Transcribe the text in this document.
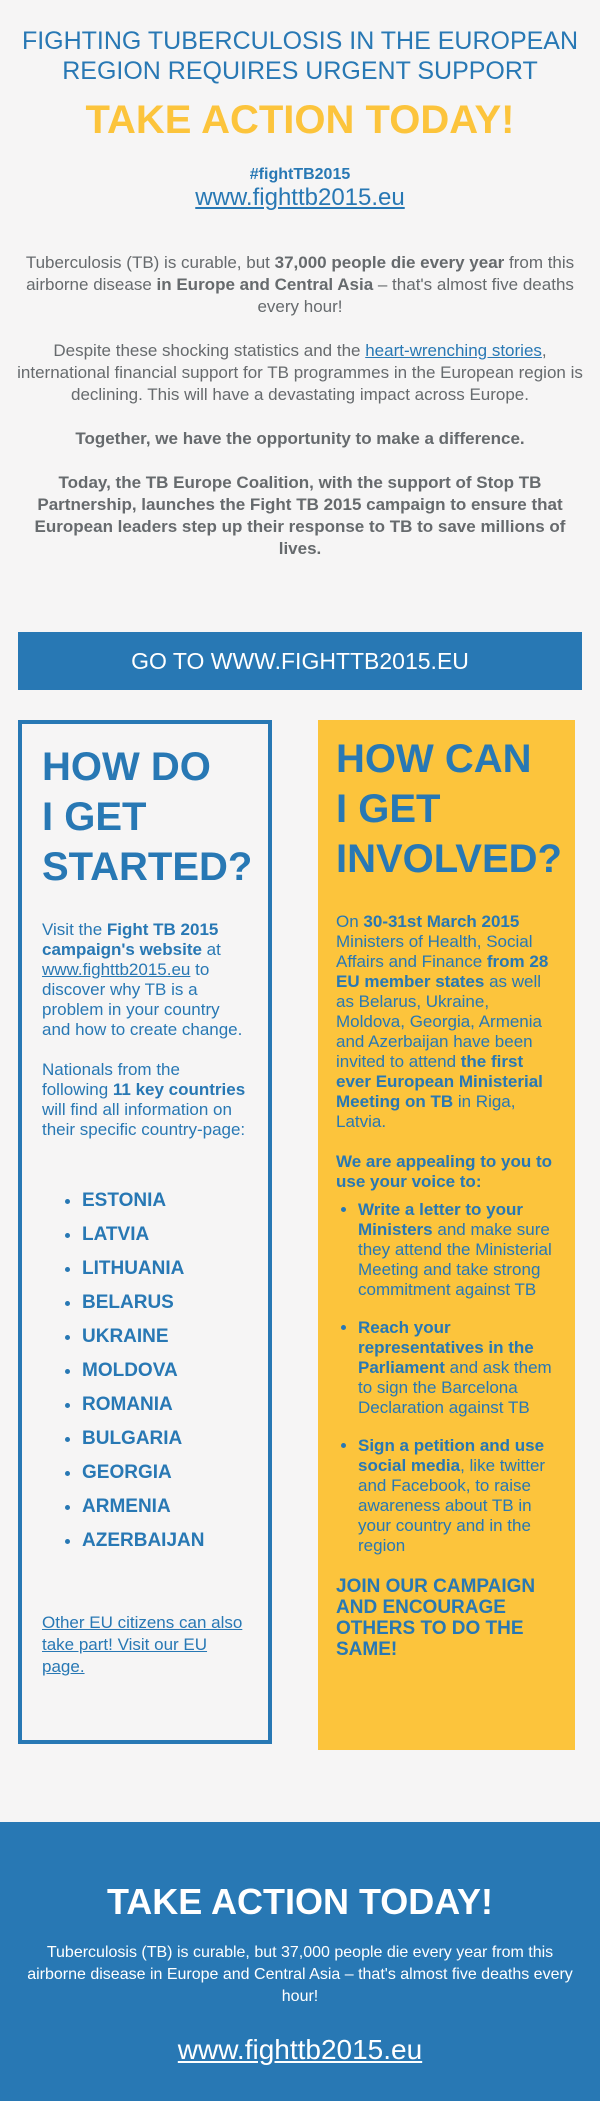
FIGHTING TUBERCULOSIS IN THE EUROPEAN
REGION REQUIRES URGENT SUPPORT
TAKE ACTION TODAY!
#fightTB2015
www.fighttb2015.eu

Tuberculosis (TB) is curable, but 37,000 people die every year from this airborne disease in Europe and Central Asia – that's almost five deaths every hour!

Despite these shocking statistics and the heart-wrenching stories, international financial support for TB programmes in the European region is declining. This will have a devastating impact across Europe.

Together, we have the opportunity to make a difference.

Today, the TB Europe Coalition, with the support of Stop TB Partnership, launches the Fight TB 2015 campaign to ensure that European leaders step up their response to TB to save millions of lives.

GO TO WWW.FIGHTTB2015.EU
HOW DO
I GET
STARTED?

Visit the Fight TB 2015 campaign's website at www.fighttb2015.eu to discover why TB is a problem in your country and how to create change.

Nationals from the following 11 key countries will find all information on their specific country-page:

• ESTONIA
• LATVIA
• LITHUANIA
• BELARUS
• UKRAINE
• MOLDOVA
• ROMANIA
• BULGARIA
• GEORGIA
• ARMENIA
• AZERBAIJAN
Other EU citizens can also take part! Visit our EU page.
HOW CAN
I GET
INVOLVED?

On 30-31st March 2015 Ministers of Health, Social Affairs and Finance from 28 EU member states as well as Belarus, Ukraine, Moldova, Georgia, Armenia and Azerbaijan have been invited to attend the first ever European Ministerial Meeting on TB in Riga, Latvia.

We are appealing to you to use your voice to:

• Write a letter to your Ministers and make sure they attend the Ministerial Meeting and take strong commitment against TB
• Reach your representatives in the Parliament and ask them to sign the Barcelona Declaration against TB
• Sign a petition and use social media, like twitter and Facebook, to raise awareness about TB in your country and in the region
JOIN OUR CAMPAIGN AND ENCOURAGE OTHERS TO DO THE SAME!
TAKE ACTION TODAY!

Tuberculosis (TB) is curable, but 37,000 people die every year from this airborne disease in Europe and Central Asia – that's almost five deaths every hour!

www.fighttb2015.eu
